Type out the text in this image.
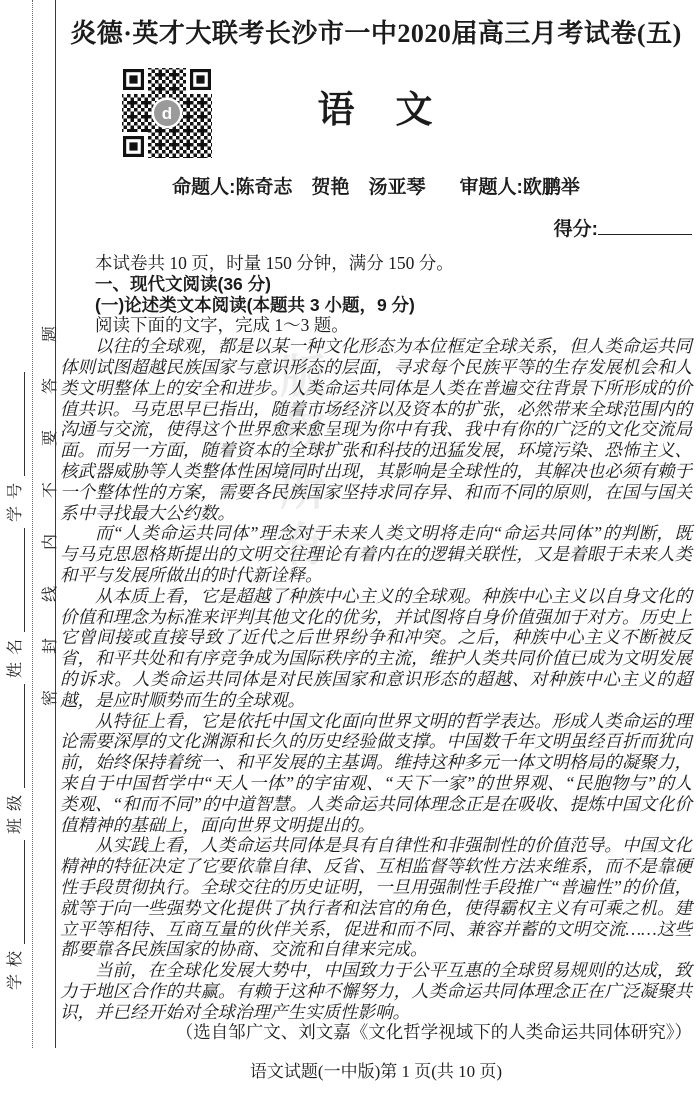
学校
班级
姓名
学号	密封线内不要答题	版权所有
炎德·英才大联考长沙市一中2020届高三月考试卷(五)
d	语　文
命题人:陈奇志　贺艳　汤亚琴 审题人:欧鹏举
得分:

本试卷共 10 页，时量 150 分钟，满分 150 分。

一、现代文阅读(36 分)

(一)论述类文本阅读(本题共 3 小题，9 分)

阅读下面的文字，完成 1～3 题。

以往的全球观，都是以某一种文化形态为本位框定全球关系，但人类命运共同体则试图超越民族国家与意识形态的层面，寻求每个民族平等的生存发展机会和人类文明整体上的安全和进步。人类命运共同体是人类在普遍交往背景下所形成的价值共识。马克思早已指出，随着市场经济以及资本的扩张，必然带来全球范围内的沟通与交流，使得这个世界愈来愈呈现为你中有我、我中有你的广泛的文化交流局面。而另一方面，随着资本的全球扩张和科技的迅猛发展，环境污染、恐怖主义、核武器威胁等人类整体性困境同时出现，其影响是全球性的，其解决也必须有赖于一个整体性的方案，需要各民族国家坚持求同存异、和而不同的原则，在国与国关系中寻找最大公约数。

而“人类命运共同体”理念对于未来人类文明将走向“命运共同体”的判断，既与马克思恩格斯提出的文明交往理论有着内在的逻辑关联性，又是着眼于未来人类和平与发展所做出的时代新诠释。

从本质上看，它是超越了种族中心主义的全球观。种族中心主义以自身文化的价值和理念为标准来评判其他文化的优劣，并试图将自身价值强加于对方。历史上它曾间接或直接导致了近代之后世界纷争和冲突。之后，种族中心主义不断被反省，和平共处和有序竞争成为国际秩序的主流，维护人类共同价值已成为文明发展的诉求。人类命运共同体是对民族国家和意识形态的超越、对种族中心主义的超越，是应时顺势而生的全球观。

从特征上看，它是依托中国文化面向世界文明的哲学表达。形成人类命运的理论需要深厚的文化渊源和长久的历史经验做支撑。中国数千年文明虽经百折而犹向前，始终保持着统一、和平发展的主基调。维持这种多元一体文明格局的凝聚力，来自于中国哲学中“天人一体”的宇宙观、“天下一家”的世界观、“民胞物与”的人类观、“和而不同”的中道智慧。人类命运共同体理念正是在吸收、提炼中国文化价值精神的基础上，面向世界文明提出的。

从实践上看，人类命运共同体是具有自律性和非强制性的价值范导。中国文化精神的特征决定了它要依靠自律、反省、互相监督等软性方法来维系，而不是靠硬性手段贯彻执行。全球交往的历史证明，一旦用强制性手段推广“普遍性”的价值，就等于向一些强势文化提供了执行者和法官的角色，使得霸权主义有可乘之机。建立平等相待、互商互量的伙伴关系，促进和而不同、兼容并蓄的文明交流……这些都要靠各民族国家的协商、交流和自律来完成。

当前，在全球化发展大势中，中国致力于公平互惠的全球贸易规则的达成，致力于地区合作的共赢。有赖于这种不懈努力，人类命运共同体理念正在广泛凝聚共识，并已经开始对全球治理产生实质性影响。

（选自邹广文、刘文嘉《文化哲学视域下的人类命运共同体研究》）

语文试题(一中版)第 1 页(共 10 页)
